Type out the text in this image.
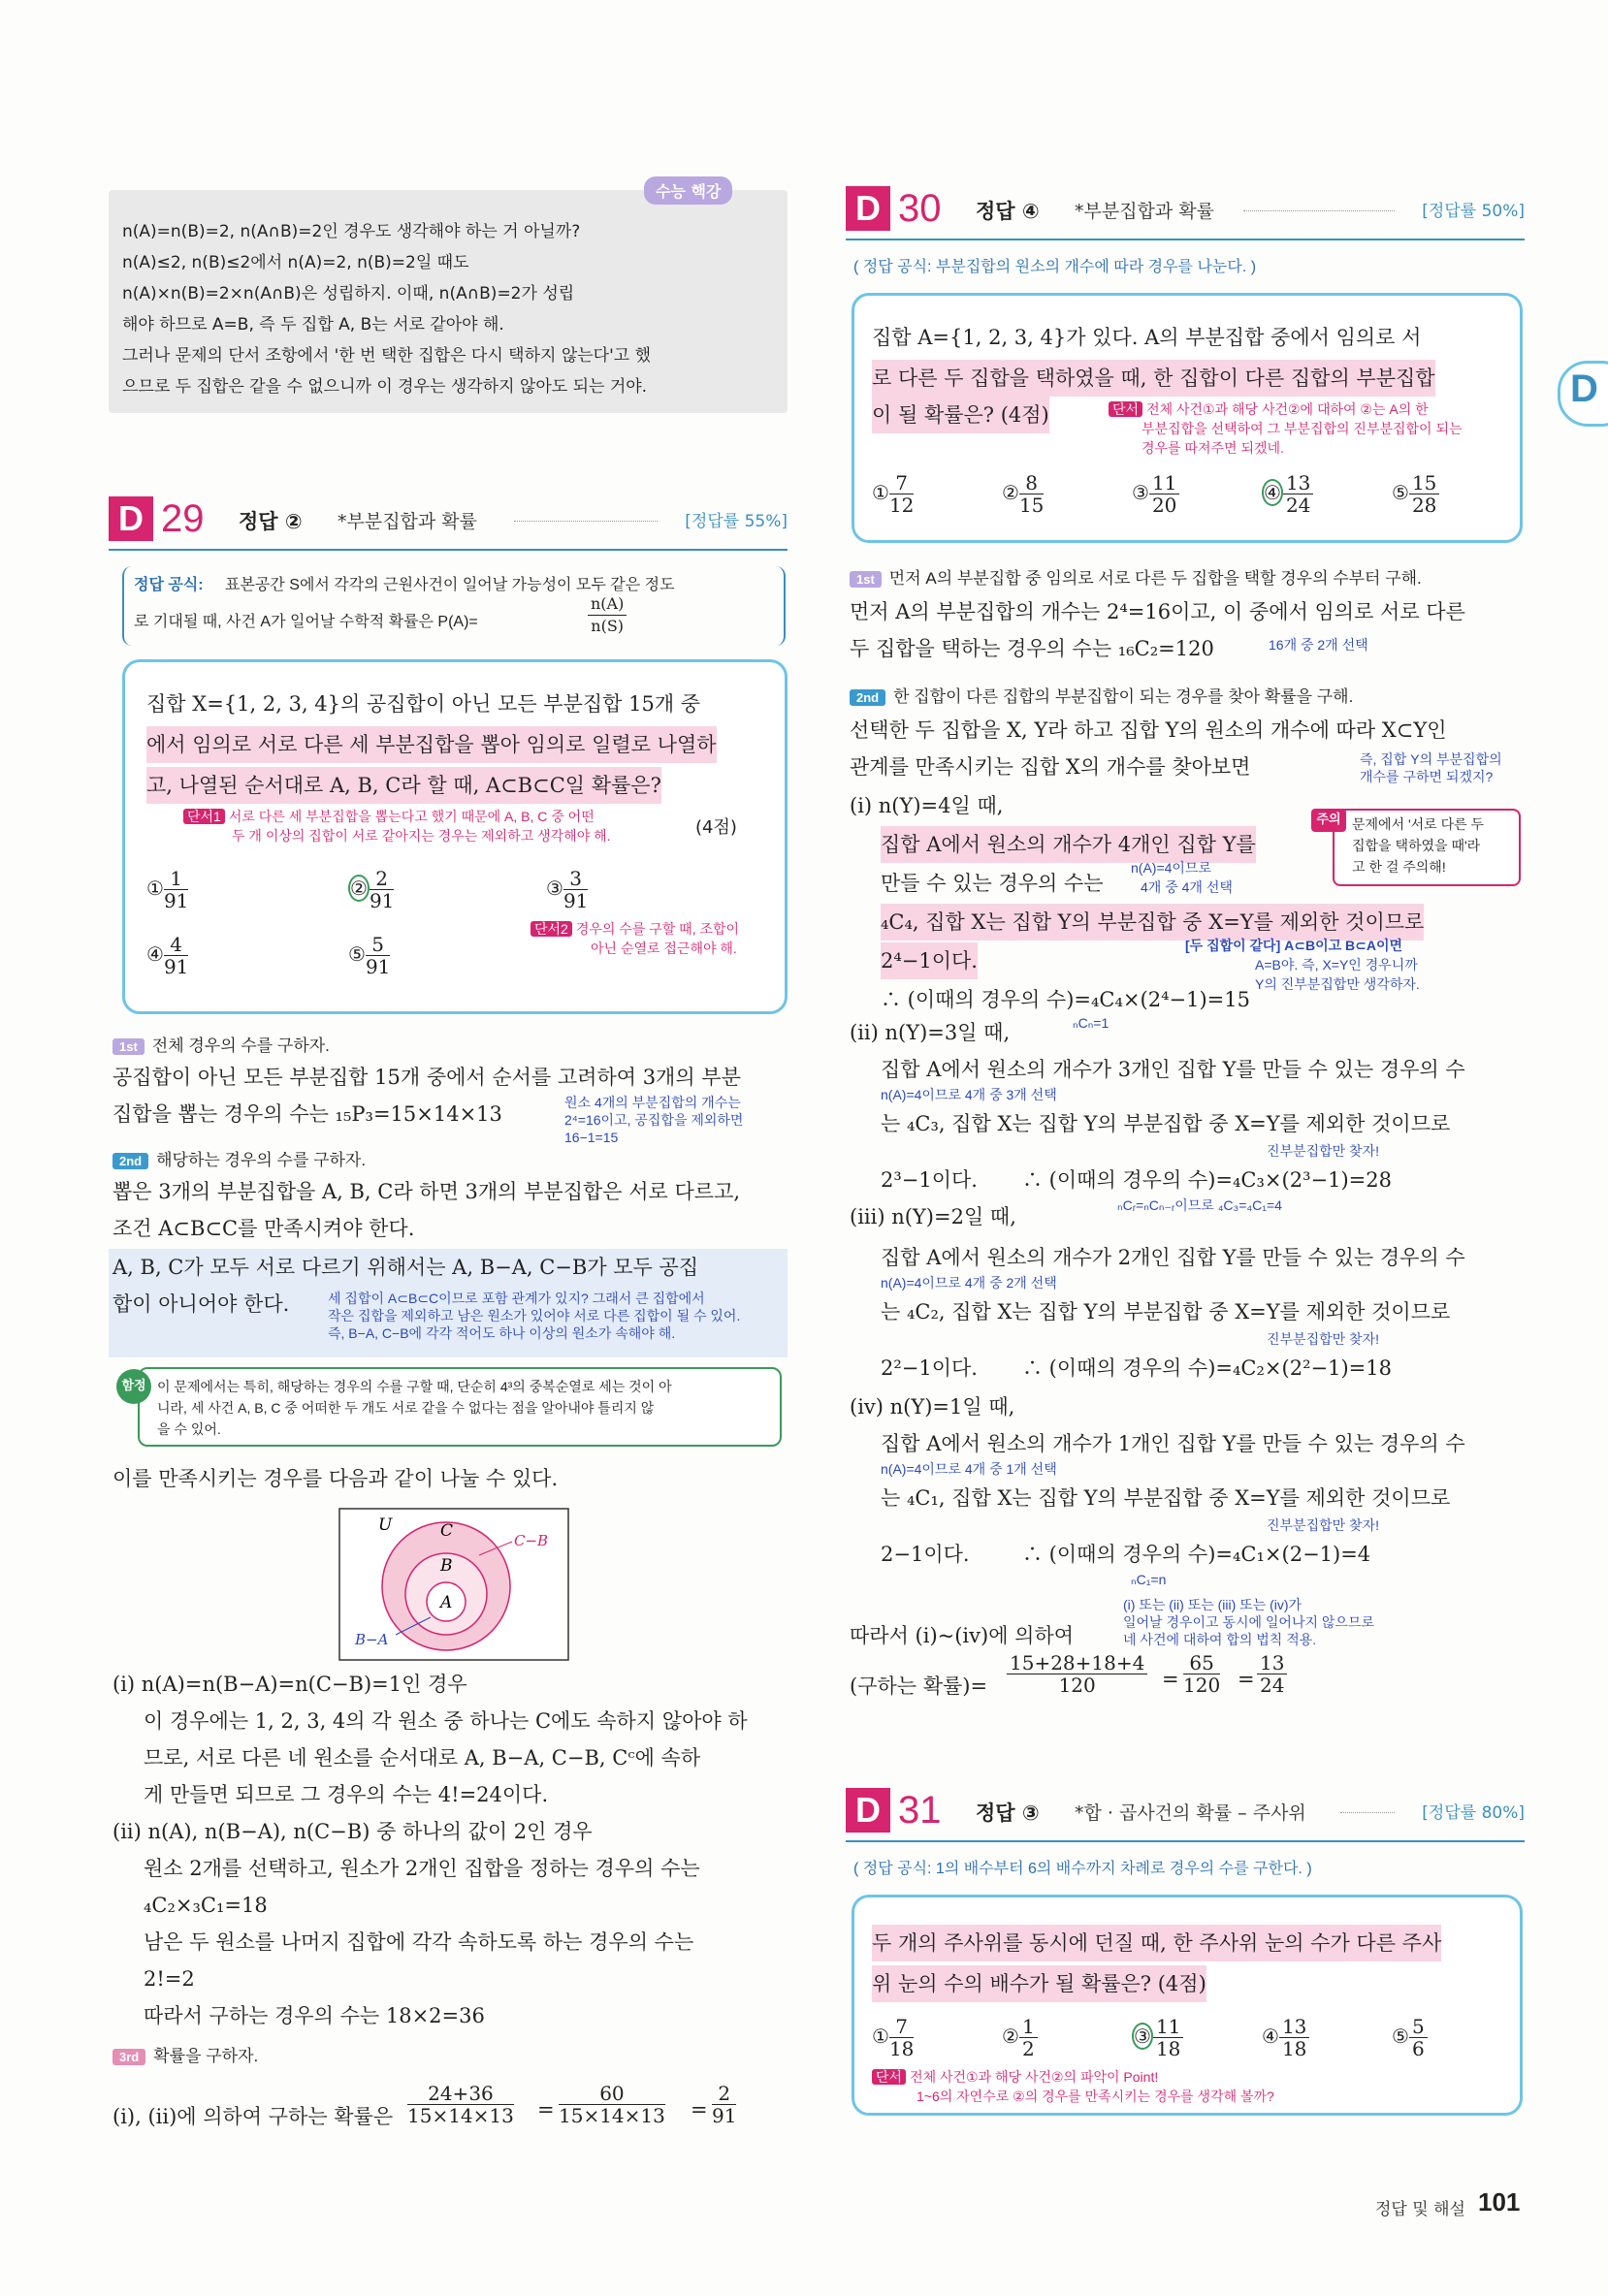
수능 핵강
n(A)=n(B)=2, n(A∩B)=2인 경우도 생각해야 하는 거 아닐까?
n(A)≤2, n(B)≤2에서 n(A)=2, n(B)=2일 때도
n(A)×n(B)=2×n(A∩B)은 성립하지. 이때, n(A∩B)=2가 성립
해야 하므로 A=B, 즉 두 집합 A, B는 서로 같아야 해.
그러나 문제의 단서 조항에서 '한 번 택한 집합은 다시 택하지 않는다'고 했
으므로 두 집합은 같을 수 없으니까 이 경우는 생각하지 않아도 되는 거야.
D 29 정답 ② *부분집합과 확률	[정답률 55%]
정답 공식: 표본공간 S에서 각각의 근원사건이 일어날 가능성이 모두 같은 정도
로 기대될 때, 사건 A가 일어날 수학적 확률은 P(A)=	$\frac{n(A)}{n(S)}$
집합 X={1, 2, 3, 4}의 공집합이 아닌 모든 부분집합 15개 중
에서 임의로 서로 다른 세 부분집합을 뽑아 임의로 일렬로 나열하
고, 나열된 순서대로 A, B, C라 할 때, A⊂B⊂C일 확률은?
단서1 서로 다른 세 부분집합을 뽑는다고 했기 때문에 A, B, C 중 어떤
두 개 이상의 집합이 서로 같아지는 경우는 제외하고 생각해야 해.	(4점)
① $\frac{1}{91}$	② $\frac{2}{91}$	③ $\frac{3}{91}$
④ $\frac{4}{91}$	⑤ $\frac{5}{91}$
단서2 경우의 수를 구할 때, 조합이
아닌 순열로 접근해야 해.
1st 전체 경우의 수를 구하자.
공집합이 아닌 모든 부분집합 15개 중에서 순서를 고려하여 3개의 부분
집합을 뽑는 경우의 수는 ₁₅P₃=15×14×13	원소 4개의 부분집합의 개수는
2⁴=16이고, 공집합을 제외하면
16−1=15
2nd 해당하는 경우의 수를 구하자.
뽑은 3개의 부분집합을 A, B, C라 하면 3개의 부분집합은 서로 다르고,
조건 A⊂B⊂C를 만족시켜야 한다.
A, B, C가 모두 서로 다르기 위해서는 A, B−A, C−B가 모두 공집
합이 아니어야 한다.	세 집합이 A⊂B⊂C이므로 포함 관계가 있지? 그래서 큰 집합에서
작은 집합을 제외하고 남은 원소가 있어야 서로 다른 집합이 될 수 있어.
즉, B−A, C−B에 각각 적어도 하나 이상의 원소가 속해야 해.
함정 이 문제에서는 특히, 해당하는 경우의 수를 구할 때, 단순히 4³의 중복순열로 세는 것이 아
니라, 세 사건 A, B, C 중 어떠한 두 개도 서로 같을 수 없다는 점을 알아내야 틀리지 않
을 수 있어.
이를 만족시키는 경우를 다음과 같이 나눌 수 있다.
U	C
B
A
C−B
B−A
(i) n(A)=n(B−A)=n(C−B)=1인 경우
이 경우에는 1, 2, 3, 4의 각 원소 중 하나는 C에도 속하지 않아야 하
므로, 서로 다른 네 원소를 순서대로 A, B−A, C−B, Cᶜ에 속하
게 만들면 되므로 그 경우의 수는 4!=24이다.
(ii) n(A), n(B−A), n(C−B) 중 하나의 값이 2인 경우
원소 2개를 선택하고, 원소가 2개인 집합을 정하는 경우의 수는
₄C₂×₃C₁=18
남은 두 원소를 나머지 집합에 각각 속하도록 하는 경우의 수는
2!=2
따라서 구하는 경우의 수는 18×2=36
3rd 확률을 구하자.
(i), (ii)에 의하여 구하는 확률은 $\frac{24+36}{15\times 14\times 13} = \frac{60}{15\times 14\times 13} = \frac{2}{91}$
D 30 정답 ④ *부분집합과 확률	[정답률 50%]
( 정답 공식: 부분집합의 원소의 개수에 따라 경우를 나눈다. )
집합 A={1, 2, 3, 4}가 있다. A의 부분집합 중에서 임의로 서
로 다른 두 집합을 택하였을 때, 한 집합이 다른 집합의 부분집합
이 될 확률은? (4점)	단서 전체 사건①과 해당 사건②에 대하여 ②는 A의 한
부분집합을 선택하여 그 부분집합의 진부분집합이 되는
경우를 따져주면 되겠네.
① $\frac{7}{12}$	② $\frac{8}{15}$	③ $\frac{11}{20}$	④ $\frac{13}{24}$	⑤ $\frac{15}{28}$
1st 먼저 A의 부분집합 중 임의로 서로 다른 두 집합을 택할 경우의 수부터 구해.
먼저 A의 부분집합의 개수는 2⁴=16이고, 이 중에서 임의로 서로 다른
두 집합을 택하는 경우의 수는 ₁₆C₂=120	16개 중 2개 선택
2nd 한 집합이 다른 집합의 부분집합이 되는 경우를 찾아 확률을 구해.
선택한 두 집합을 X, Y라 하고 집합 Y의 원소의 개수에 따라 X⊂Y인
관계를 만족시키는 집합 X의 개수를 찾아보면	즉, 집합 Y의 부분집합의
개수를 구하면 되겠지?
(i) n(Y)=4일 때,
집합 A에서 원소의 개수가 4개인 집합 Y를
만들 수 있는 경우의 수는
n(A)=4이므로
4개 중 4개 선택
₄C₄, 집합 X는 집합 Y의 부분집합 중 X=Y를 제외한 것이므로
2⁴−1이다.
[두 집합이 같다] A⊂B이고 B⊂A이면
A=B야. 즉, X=Y인 경우니까
Y의 진부분집합만 생각하자.
∴ (이때의 경우의 수)=₄C₄×(2⁴−1)=15
ₙCₙ=1
주의 문제에서 '서로 다른 두
집합을 택하였을 때'라
고 한 걸 주의해!
(ii) n(Y)=3일 때,
집합 A에서 원소의 개수가 3개인 집합 Y를 만들 수 있는 경우의 수
n(A)=4이므로 4개 중 3개 선택
는 ₄C₃, 집합 X는 집합 Y의 부분집합 중 X=Y를 제외한 것이므로
진부분집합만 찾자!
2³−1이다. ∴ (이때의 경우의 수)=₄C₃×(2³−1)=28
ₙCᵣ=ₙCₙ₋ᵣ이므로 ₄C₃=₄C₁=4
(iii) n(Y)=2일 때,
집합 A에서 원소의 개수가 2개인 집합 Y를 만들 수 있는 경우의 수
n(A)=4이므로 4개 중 2개 선택
는 ₄C₂, 집합 X는 집합 Y의 부분집합 중 X=Y를 제외한 것이므로
진부분집합만 찾자!
2²−1이다. ∴ (이때의 경우의 수)=₄C₂×(2²−1)=18
(iv) n(Y)=1일 때,
집합 A에서 원소의 개수가 1개인 집합 Y를 만들 수 있는 경우의 수
n(A)=4이므로 4개 중 1개 선택
는 ₄C₁, 집합 X는 집합 Y의 부분집합 중 X=Y를 제외한 것이므로
진부분집합만 찾자!
2−1이다.	∴ (이때의 경우의 수)=₄C₁×(2−1)=4
ₙC₁=n
따라서 (i)~(iv)에 의하여
(i) 또는 (ii) 또는 (iii) 또는 (iv)가
일어날 경우이고 동시에 일어나지 않으므로
네 사건에 대하여 합의 법칙 적용.
(구하는 확률)= $\frac{15+28+18+4}{120} = \frac{65}{120} = \frac{13}{24}$
D 31 정답 ③ *합 · 곱사건의 확률 – 주사위	[정답률 80%]
( 정답 공식: 1의 배수부터 6의 배수까지 차례로 경우의 수를 구한다. )
두 개의 주사위를 동시에 던질 때, 한 주사위 눈의 수가 다른 주사
위 눈의 수의 배수가 될 확률은? (4점)
① $\frac{7}{18}$	② $\frac{1}{2}$	③ $\frac{11}{18}$	④ $\frac{13}{18}$	⑤ $\frac{5}{6}$
단서 전체 사건①과 해당 사건②의 파악이 Point!
1~6의 자연수로 ②의 경우를 만족시키는 경우를 생각해 볼까?
D
정답 및 해설 101
